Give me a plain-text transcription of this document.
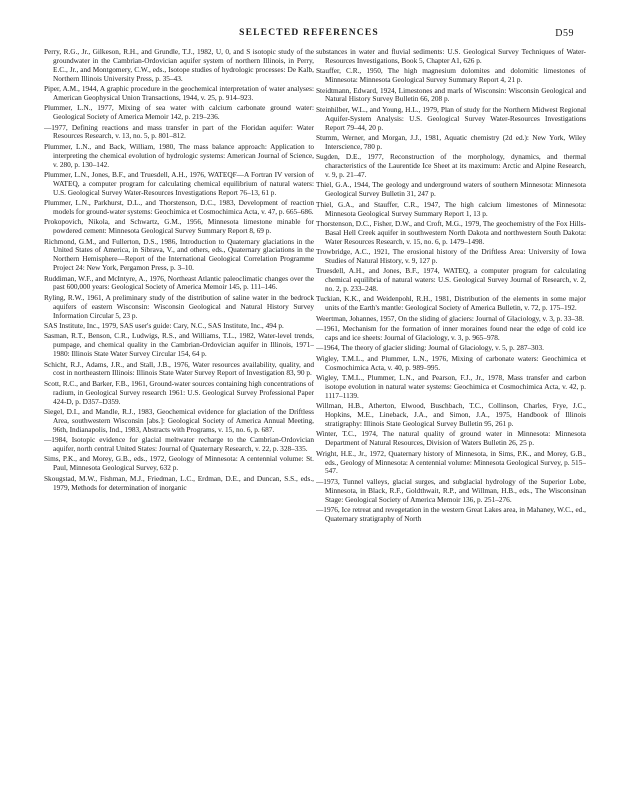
SELECTED REFERENCES	D59

Perry, R.G., Jr., Gilkeson, R.H., and Grundle, T.J., 1982, U, 0, and S isotopic study of the groundwater in the Cambrian-Ordovician aquifer system of northern Illinois, in Perry, E.C., Jr., and Montgomery, C.W., eds., Isotope studies of hydrologic processes: De Kalb, Northern Illinois University Press, p. 35–43.

Piper, A.M., 1944, A graphic procedure in the geochemical interpretation of water analyses: American Geophysical Union Transactions, 1944, v. 25, p. 914–923.

Plummer, L.N., 1977, Mixing of sea water with calcium carbonate ground water: Geological Society of America Memoir 142, p. 219–236.

—1977, Defining reactions and mass transfer in part of the Floridan aquifer: Water Resources Research, v. 13, no. 5, p. 801–812.

Plummer, L.N., and Back, William, 1980, The mass balance approach: Application to interpreting the chemical evolution of hydrologic systems: American Journal of Science, v. 280, p. 130–142.

Plummer, L.N., Jones, B.F., and Truesdell, A.H., 1976, WATEQF—A Fortran IV version of WATEQ, a computer program for calculating chemical equilibrium of natural waters: U.S. Geological Survey Water-Resources Investigations Report 76–13, 61 p.

Plummer, L.N., Parkhurst, D.L., and Thorstenson, D.C., 1983, Development of reaction models for ground-water systems: Geochimica et Cosmochimica Acta, v. 47, p. 665–686.

Prokopovich, Nikola, and Schwartz, G.M., 1956, Minnesota limestone minable for powdered cement: Minnesota Geological Survey Summary Report 8, 69 p.

Richmond, G.M., and Fullerton, D.S., 1986, Introduction to Quaternary glaciations in the United States of America, in Sibrava, V., and others, eds., Quaternary glaciations in the Northern Hemisphere—Report of the International Geological Correlation Programme Project 24: New York, Pergamon Press, p. 3–10.

Ruddiman, W.F., and McIntyre, A., 1976, Northeast Atlantic paleoclimatic changes over the past 600,000 years: Geological Society of America Memoir 145, p. 111–146.

Ryling, R.W., 1961, A preliminary study of the distribution of saline water in the bedrock aquifers of eastern Wisconsin: Wisconsin Geological and Natural History Survey Information Circular 5, 23 p.

SAS Institute, Inc., 1979, SAS user's guide: Cary, N.C., SAS Institute, Inc., 494 p.

Sasman, R.T., Benson, C.R., Ludwigs, R.S., and Williams, T.L., 1982, Water-level trends, pumpage, and chemical quality in the Cambrian-Ordovician aquifer in Illinois, 1971–1980: Illinois State Water Survey Circular 154, 64 p.

Schicht, R.J., Adams, J.R., and Stall, J.B., 1976, Water resources availability, quality, and cost in northeastern Illinois: Illinois State Water Survey Report of Investigation 83, 90 p.

Scott, R.C., and Barker, F.B., 1961, Ground-water sources containing high concentrations of radium, in Geological Survey research 1961: U.S. Geological Survey Professional Paper 424-D, p. D357–D359.

Siegel, D.I., and Mandle, R.J., 1983, Geochemical evidence for glaciation of the Driftless Area, southwestern Wisconsin [abs.]: Geological Society of America Annual Meeting, 96th, Indianapolis, Ind., 1983, Abstracts with Programs, v. 15, no. 6, p. 687.

—1984, Isotopic evidence for glacial meltwater recharge to the Cambrian-Ordovician aquifer, north central United States: Journal of Quaternary Research, v. 22, p. 328–335.

Sims, P.K., and Morey, G.B., eds., 1972, Geology of Minnesota: A centennial volume: St. Paul, Minnesota Geological Survey, 632 p.

Skougstad, M.W., Fishman, M.J., Friedman, L.C., Erdman, D.E., and Duncan, S.S., eds., 1979, Methods for determination of inorganic

substances in water and fluvial sediments: U.S. Geological Survey Techniques of Water-Resources Investigations, Book 5, Chapter A1, 626 p.

Stauffer, C.R., 1950, The high magnesium dolomites and dolomitic limestones of Minnesota: Minnesota Geological Survey Summary Report 4, 21 p.

Steidtmann, Edward, 1924, Limestones and marls of Wisconsin: Wisconsin Geological and Natural History Survey Bulletin 66, 208 p.

Steinhilber, W.L., and Young, H.L., 1979, Plan of study for the Northern Midwest Regional Aquifer-System Analysis: U.S. Geological Survey Water-Resources Investigations Report 79–44, 20 p.

Stumm, Werner, and Morgan, J.J., 1981, Aquatic chemistry (2d ed.): New York, Wiley Interscience, 780 p.

Sugden, D.E., 1977, Reconstruction of the morphology, dynamics, and thermal characteristics of the Laurentide Ice Sheet at its maximum: Arctic and Alpine Research, v. 9, p. 21–47.

Thiel, G.A., 1944, The geology and underground waters of southern Minnesota: Minnesota Geological Survey Bulletin 31, 247 p.

Thiel, G.A., and Stauffer, C.R., 1947, The high calcium limestones of Minnesota: Minnesota Geological Survey Summary Report 1, 13 p.

Thorstenson, D.C., Fisher, D.W., and Croft, M.G., 1979, The geochemistry of the Fox Hills-Basal Hell Creek aquifer in southwestern North Dakota and northwestern South Dakota: Water Resources Research, v. 15, no. 6, p. 1479–1498.

Trowbridge, A.C., 1921, The erosional history of the Driftless Area: University of Iowa Studies of Natural History, v. 9, 127 p.

Truesdell, A.H., and Jones, B.F., 1974, WATEQ, a computer program for calculating chemical equilibria of natural waters: U.S. Geological Survey Journal of Research, v. 2, no. 2, p. 233–248.

Tuckian, K.K., and Weidenpohl, R.H., 1981, Distribution of the elements in some major units of the Earth's mantle: Geological Society of America Bulletin, v. 72, p. 175–192.

Weertman, Johannes, 1957, On the sliding of glaciers: Journal of Glaciology, v. 3, p. 33–38.

—1961, Mechanism for the formation of inner moraines found near the edge of cold ice caps and ice sheets: Journal of Glaciology, v. 3, p. 965–978.

—1964, The theory of glacier sliding: Journal of Glaciology, v. 5, p. 287–303.

Wigley, T.M.L., and Plummer, L.N., 1976, Mixing of carbonate waters: Geochimica et Cosmochimica Acta, v. 40, p. 989–995.

Wigley, T.M.L., Plummer, L.N., and Pearson, F.J., Jr., 1978, Mass transfer and carbon isotope evolution in natural water systems: Geochimica et Cosmochimica Acta, v. 42, p. 1117–1139.

Willman, H.B., Atherton, Elwood, Buschbach, T.C., Collinson, Charles, Frye, J.C., Hopkins, M.E., Lineback, J.A., and Simon, J.A., 1975, Handbook of Illinois stratigraphy: Illinois State Geological Survey Bulletin 95, 261 p.

Winter, T.C., 1974, The natural quality of ground water in Minnesota: Minnesota Department of Natural Resources, Division of Waters Bulletin 26, 25 p.

Wright, H.E., Jr., 1972, Quaternary history of Minnesota, in Sims, P.K., and Morey, G.B., eds., Geology of Minnesota: A centennial volume: Minnesota Geological Survey, p. 515–547.

—1973, Tunnel valleys, glacial surges, and subglacial hydrology of the Superior Lobe, Minnesota, in Black, R.F., Goldthwait, R.P., and Willman, H.B., eds., The Wisconsinan Stage: Geological Society of America Memoir 136, p. 251–276.

—1976, Ice retreat and revegetation in the western Great Lakes area, in Mahaney, W.C., ed., Quaternary stratigraphy of North
